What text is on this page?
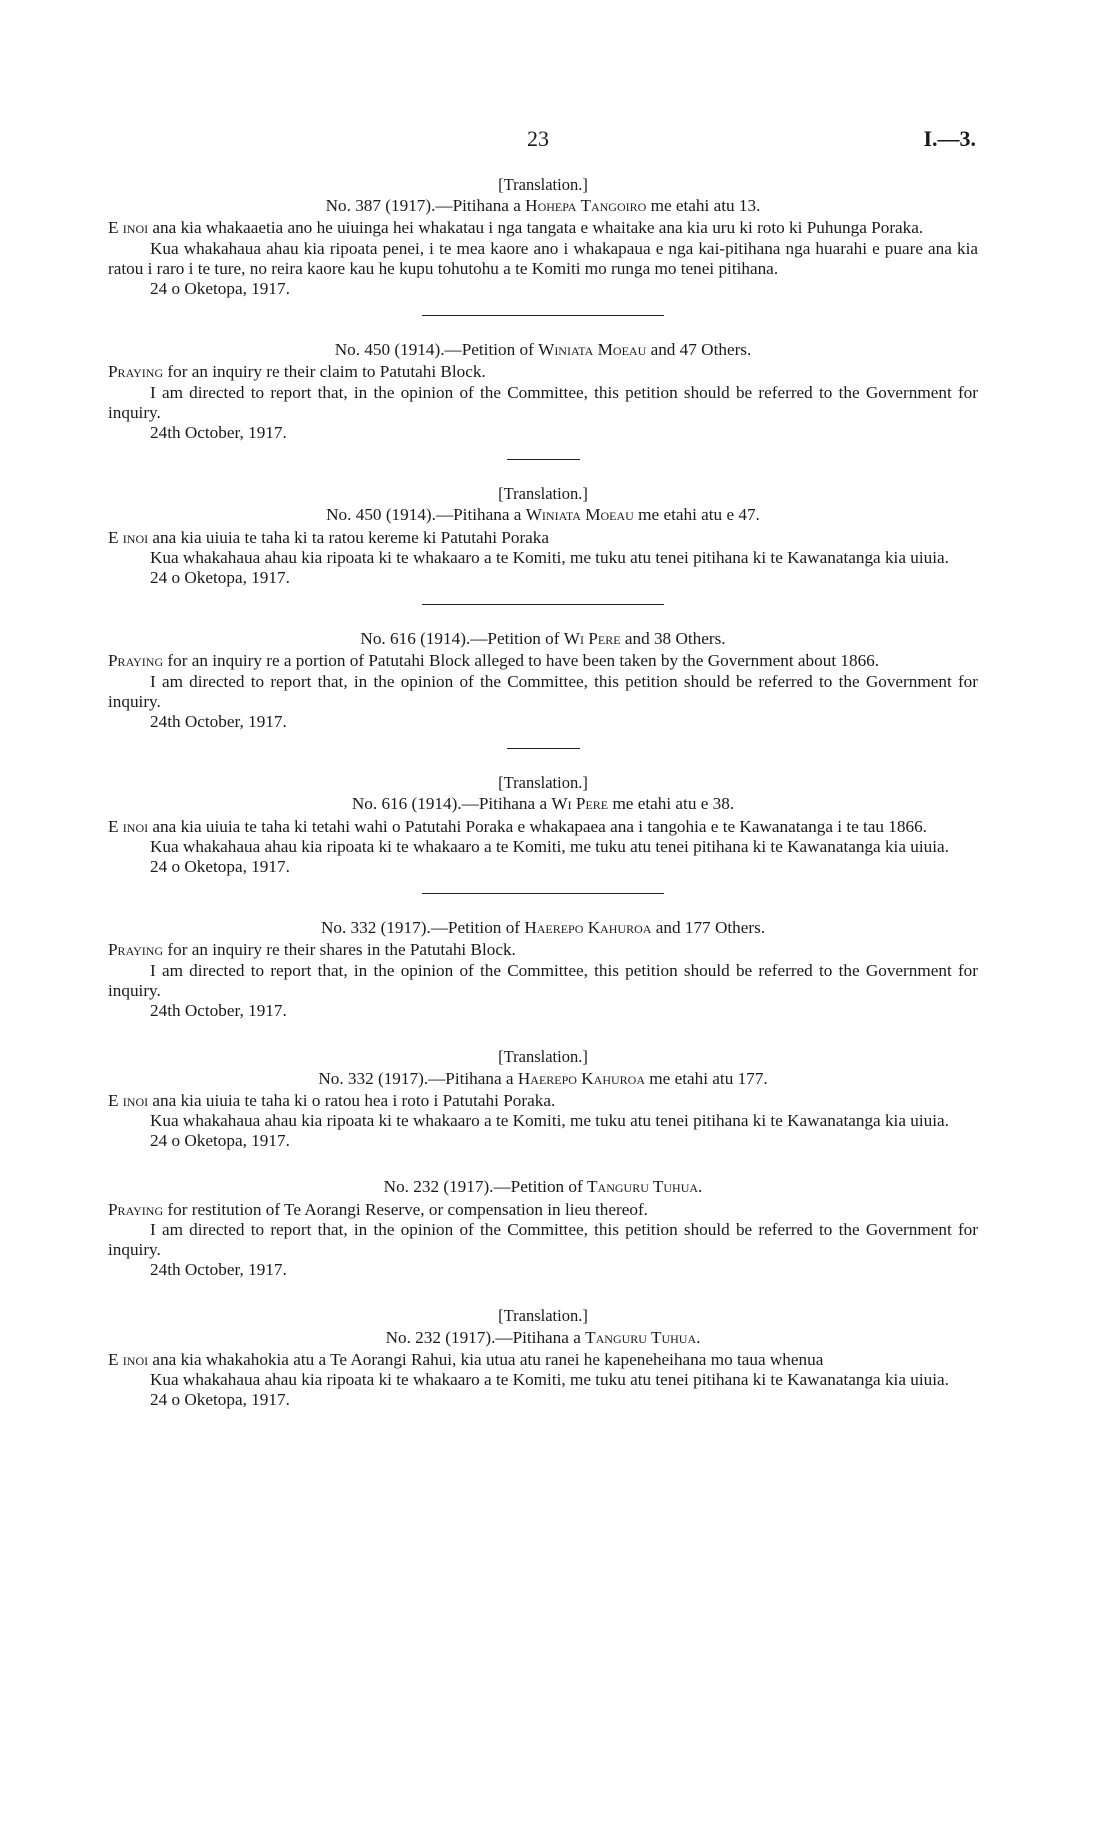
23	I.—3.
[Translation.]
No. 387 (1917).—Pitihana a Hohepa Tangoiro me etahi atu 13.

E inoi ana kia whakaaetia ano he uiuinga hei whakatau i nga tangata e whaitake ana kia uru ki roto ki Puhunga Poraka.

Kua whakahaua ahau kia ripoata penei, i te mea kaore ano i whakapaua e nga kai-pitihana nga huarahi e puare ana kia ratou i raro i te ture, no reira kaore kau he kupu tohutohu a te Komiti mo runga mo tenei pitihana.

24 o Oketopa, 1917.
No. 450 (1914).—Petition of Winiata Moeau and 47 Others.

Praying for an inquiry re their claim to Patutahi Block.

I am directed to report that, in the opinion of the Committee, this petition should be referred to the Government for inquiry.

24th October, 1917.
[Translation.]
No. 450 (1914).—Pitihana a Winiata Moeau me etahi atu e 47.

E inoi ana kia uiuia te taha ki ta ratou kereme ki Patutahi Poraka

Kua whakahaua ahau kia ripoata ki te whakaaro a te Komiti, me tuku atu tenei pitihana ki te Kawanatanga kia uiuia.

24 o Oketopa, 1917.
No. 616 (1914).—Petition of Wi Pere and 38 Others.

Praying for an inquiry re a portion of Patutahi Block alleged to have been taken by the Government about 1866.

I am directed to report that, in the opinion of the Committee, this petition should be referred to the Government for inquiry.

24th October, 1917.
[Translation.]
No. 616 (1914).—Pitihana a Wi Pere me etahi atu e 38.

E inoi ana kia uiuia te taha ki tetahi wahi o Patutahi Poraka e whakapaea ana i tangohia e te Kawanatanga i te tau 1866.

Kua whakahaua ahau kia ripoata ki te whakaaro a te Komiti, me tuku atu tenei pitihana ki te Kawanatanga kia uiuia.

24 o Oketopa, 1917.
No. 332 (1917).—Petition of Haerepo Kahuroa and 177 Others.

Praying for an inquiry re their shares in the Patutahi Block.

I am directed to report that, in the opinion of the Committee, this petition should be referred to the Government for inquiry.

24th October, 1917.
[Translation.]
No. 332 (1917).—Pitihana a Haerepo Kahuroa me etahi atu 177.

E inoi ana kia uiuia te taha ki o ratou hea i roto i Patutahi Poraka.

Kua whakahaua ahau kia ripoata ki te whakaaro a te Komiti, me tuku atu tenei pitihana ki te Kawanatanga kia uiuia.

24 o Oketopa, 1917.
No. 232 (1917).—Petition of Tanguru Tuhua.

Praying for restitution of Te Aorangi Reserve, or compensation in lieu thereof.

I am directed to report that, in the opinion of the Committee, this petition should be referred to the Government for inquiry.

24th October, 1917.
[Translation.]
No. 232 (1917).—Pitihana a Tanguru Tuhua.

E inoi ana kia whakahokia atu a Te Aorangi Rahui, kia utua atu ranei he kapeneheihana mo taua whenua

Kua whakahaua ahau kia ripoata ki te whakaaro a te Komiti, me tuku atu tenei pitihana ki te Kawanatanga kia uiuia.

24 o Oketopa, 1917.
